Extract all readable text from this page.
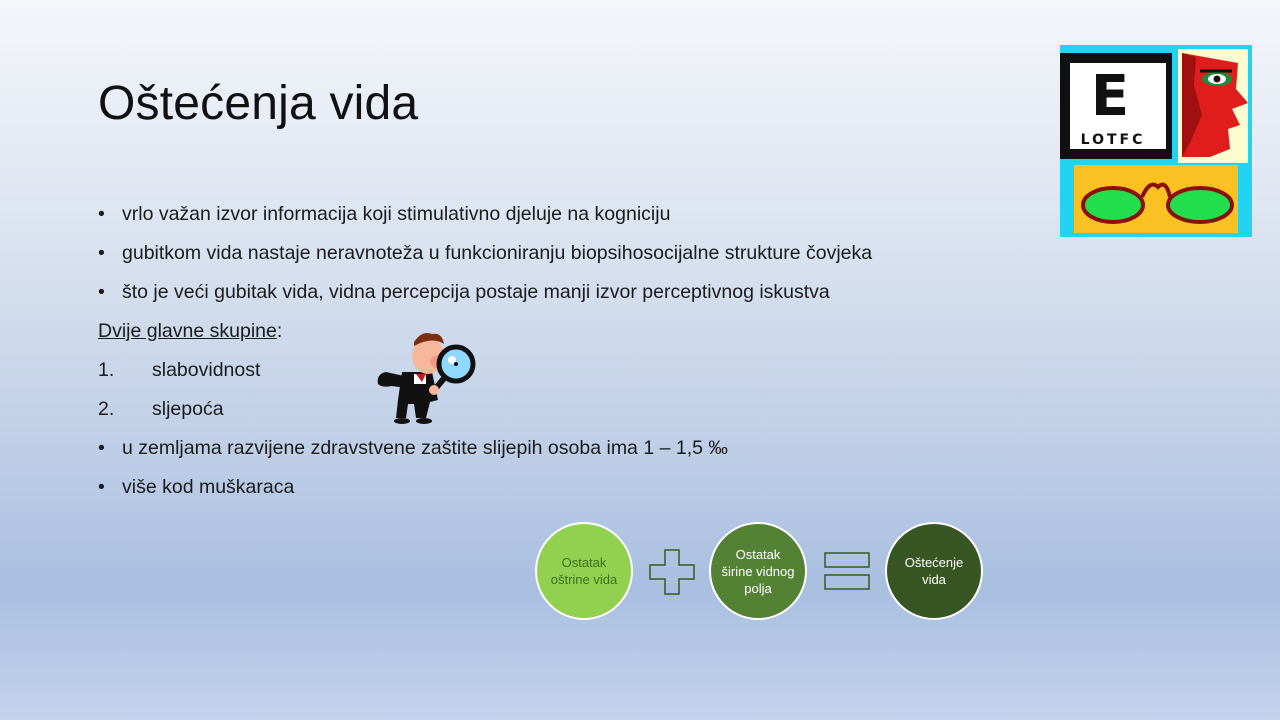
Oštećenja vida
• vrlo važan izvor informacija koji stimulativno djeluje na kogniciju
• gubitkom vida nastaje neravnoteža u funkcioniranju biopsihosocijalne strukture čovjeka
• što je veći gubitak vida, vidna percepcija postaje manji izvor perceptivnog iskustva
Dvije glavne skupine :
1.	slabovidnost
2.	sljepoća
• u zemljama razvijene zdravstvene zaštite slijepih osoba ima 1 – 1,5 ‰
• više kod muškaraca
E
LOTFC
Ostatak oštrine vida
Ostatak širine vidnog polja
Oštećenje vida
